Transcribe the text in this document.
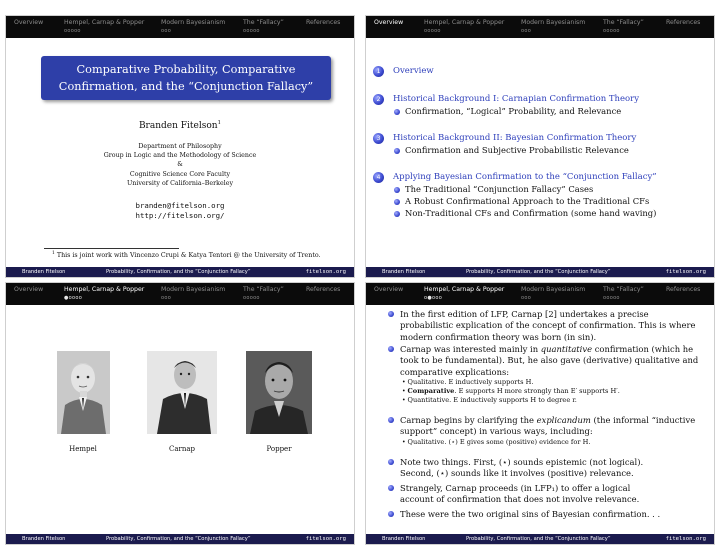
Overview	Hempel, Carnap & Popper
ooooo
Modern Bayesianism
ooo
The “Fallacy”
ooooo
References
Comparative Probability, Comparative
Confirmation, and the “Conjunction Fallacy”
Branden Fitelson$^1$
Department of Philosophy
Group in Logic and the Methodology of Science
&
Cognitive Science Core Faculty
University of California–Berkeley
branden@fitelson.org
http://fitelson.org/
$^1$ This is joint work with Vincenzo Crupi & Katya Tentori @ the University of Trento.
Branden Fitelson	Probability, Confirmation, and the “Conjunction Fallacy”	fitelson.org
Overview	Hempel, Carnap & Popper
ooooo
Modern Bayesianism
ooo
The “Fallacy”
ooooo
References
1	Overview
2	Historical Background I: Carnapian Confirmation Theory
Confirmation, “Logical” Probability, and Relevance
3	Historical Background II: Bayesian Confirmation Theory
Confirmation and Subjective Probabilistic Relevance
4	Applying Bayesian Confirmation to the “Conjunction Fallacy”
The Traditional “Conjunction Fallacy” Cases
A Robust Confirmational Approach to the Traditional CFs
Non-Traditional CFs and Confirmation (some hand waving)
Branden Fitelson	Probability, Confirmation, and the “Conjunction Fallacy”	fitelson.org
Overview	Hempel, Carnap & Popper
●oooo
Modern Bayesianism
ooo
The “Fallacy”
ooooo
References
Hempel	Carnap	Popper
Branden Fitelson	Probability, Confirmation, and the “Conjunction Fallacy”	fitelson.org
Overview	Hempel, Carnap & Popper
o●ooo
Modern Bayesianism
ooo
The “Fallacy”
ooooo
References
In the first edition of LFP, Carnap [2] undertakes a precise probabilistic explication of the concept of confirmation. This is where modern confirmation theory was born (in sin).
Carnap was interested mainly in quantitative confirmation (which he took to be fundamental). But, he also gave (derivative) qualitative and comparative explications:
• Qualitative. E inductively supports H.
• Comparative. E supports H more strongly than E′ supports H′.
• Quantitative. E inductively supports H to degree r.
Carnap begins by clarifying the explicandum (the informal “inductive support” concept) in various ways, including:
• Qualitative. (⋆) E gives some (positive) evidence for H.
Note two things. First, (⋆) sounds epistemic (not logical).
Second, (⋆) sounds like it involves (positive) relevance.
Strangely, Carnap proceeds (in LFP₁) to offer a logical
account of confirmation that does not involve relevance.
These were the two original sins of Bayesian confirmation. . .
Branden Fitelson	Probability, Confirmation, and the “Conjunction Fallacy”	fitelson.org
